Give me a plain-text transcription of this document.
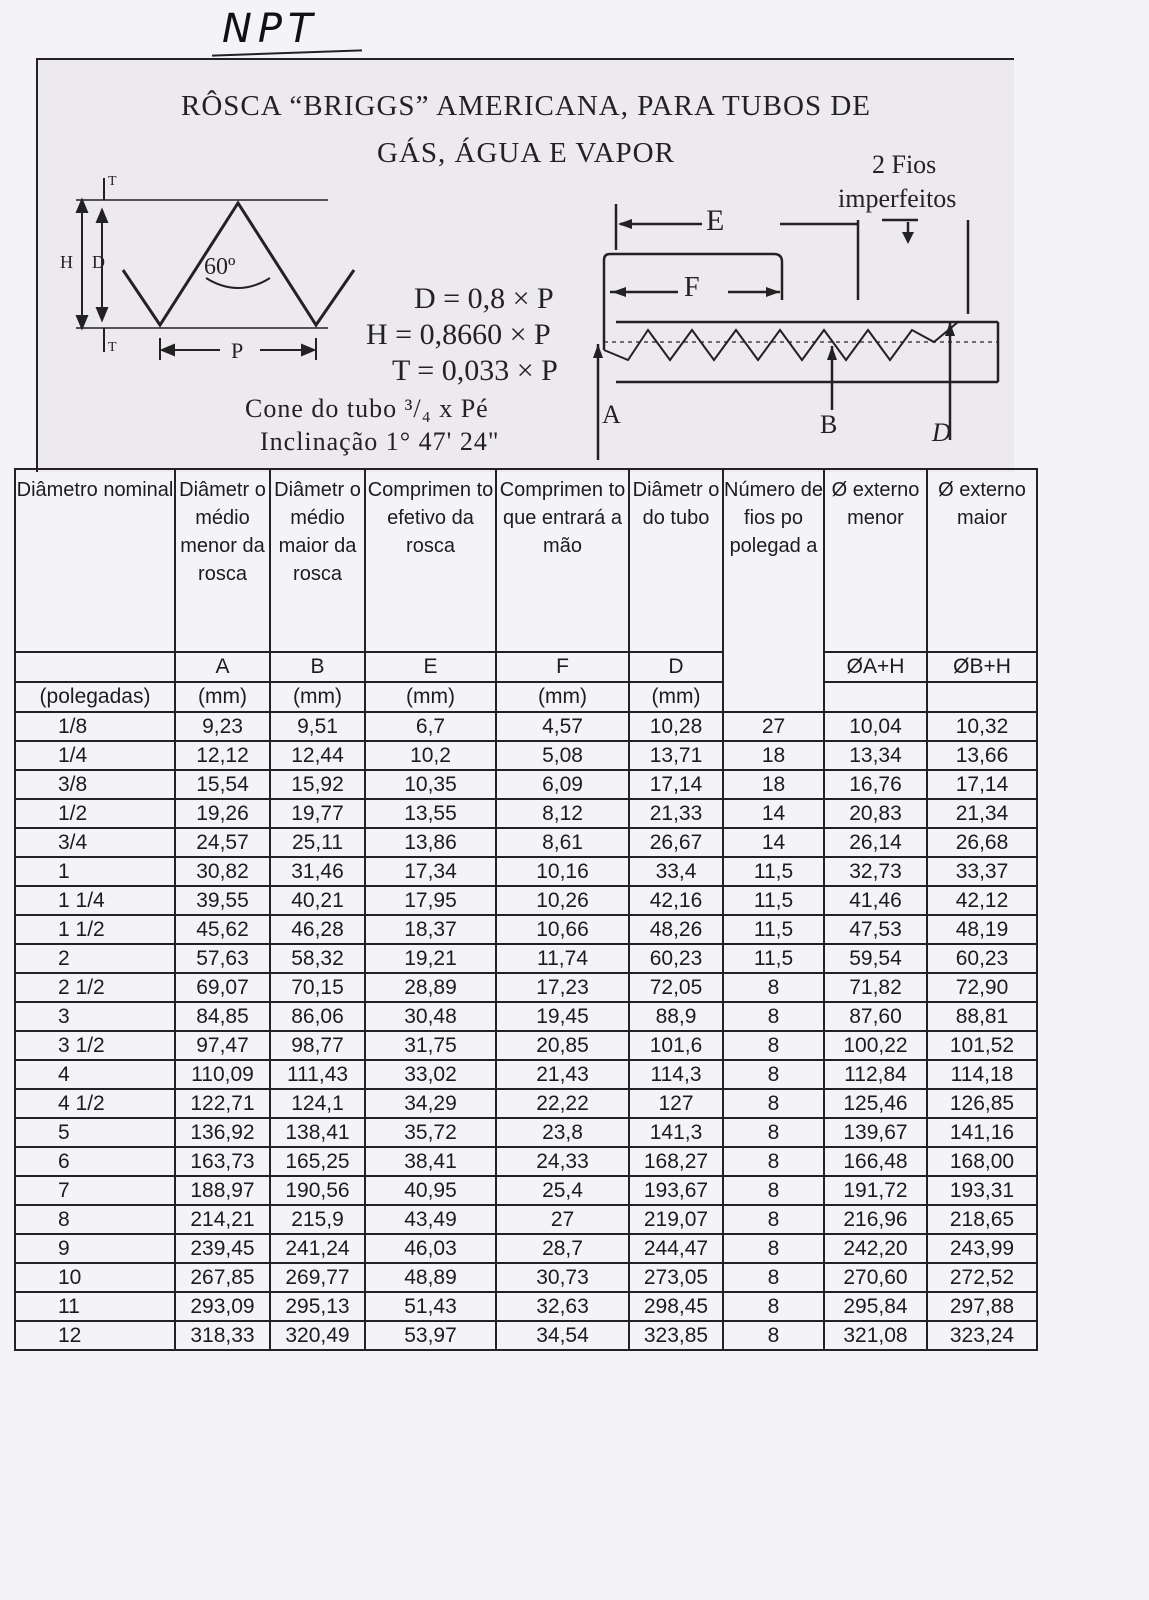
NPT
RÔSCA “BRIGGS” AMERICANA, PARA TUBOS DE
GÁS, ÁGUA E VAPOR
H D
T
T	P
60º
D = 0,8 × P
H = 0,8660 × P
T = 0,033 × P
Cone do tubo ³/₄ x Pé
Inclinação 1° 47' 24"
E
F
A	B	D
2 Fios
imperfeitos
Diâmetro nominal	Diâmetr o médio menor da rosca	Diâmetr o médio maior da rosca	Comprimen to efetivo da rosca	Comprimen to que entrará a mão	Diâmetr o do tubo	Número de fios po polegad a	Ø externo menor	Ø externo maior
	A	B	E	F	D		ØA+H	ØB+H
(polegadas)	(mm)	(mm)	(mm)	(mm)	(mm)			
1/8	9,23	9,51	6,7	4,57	10,28	27	10,04	10,32
1/4	12,12	12,44	10,2	5,08	13,71	18	13,34	13,66
3/8	15,54	15,92	10,35	6,09	17,14	18	16,76	17,14
1/2	19,26	19,77	13,55	8,12	21,33	14	20,83	21,34
3/4	24,57	25,11	13,86	8,61	26,67	14	26,14	26,68
1	30,82	31,46	17,34	10,16	33,4	11,5	32,73	33,37
1 1/4	39,55	40,21	17,95	10,26	42,16	11,5	41,46	42,12
1 1/2	45,62	46,28	18,37	10,66	48,26	11,5	47,53	48,19
2	57,63	58,32	19,21	11,74	60,23	11,5	59,54	60,23
2 1/2	69,07	70,15	28,89	17,23	72,05	8	71,82	72,90
3	84,85	86,06	30,48	19,45	88,9	8	87,60	88,81
3 1/2	97,47	98,77	31,75	20,85	101,6	8	100,22	101,52
4	110,09	111,43	33,02	21,43	114,3	8	112,84	114,18
4 1/2	122,71	124,1	34,29	22,22	127	8	125,46	126,85
5	136,92	138,41	35,72	23,8	141,3	8	139,67	141,16
6	163,73	165,25	38,41	24,33	168,27	8	166,48	168,00
7	188,97	190,56	40,95	25,4	193,67	8	191,72	193,31
8	214,21	215,9	43,49	27	219,07	8	216,96	218,65
9	239,45	241,24	46,03	28,7	244,47	8	242,20	243,99
10	267,85	269,77	48,89	30,73	273,05	8	270,60	272,52
11	293,09	295,13	51,43	32,63	298,45	8	295,84	297,88
12	318,33	320,49	53,97	34,54	323,85	8	321,08	323,24
